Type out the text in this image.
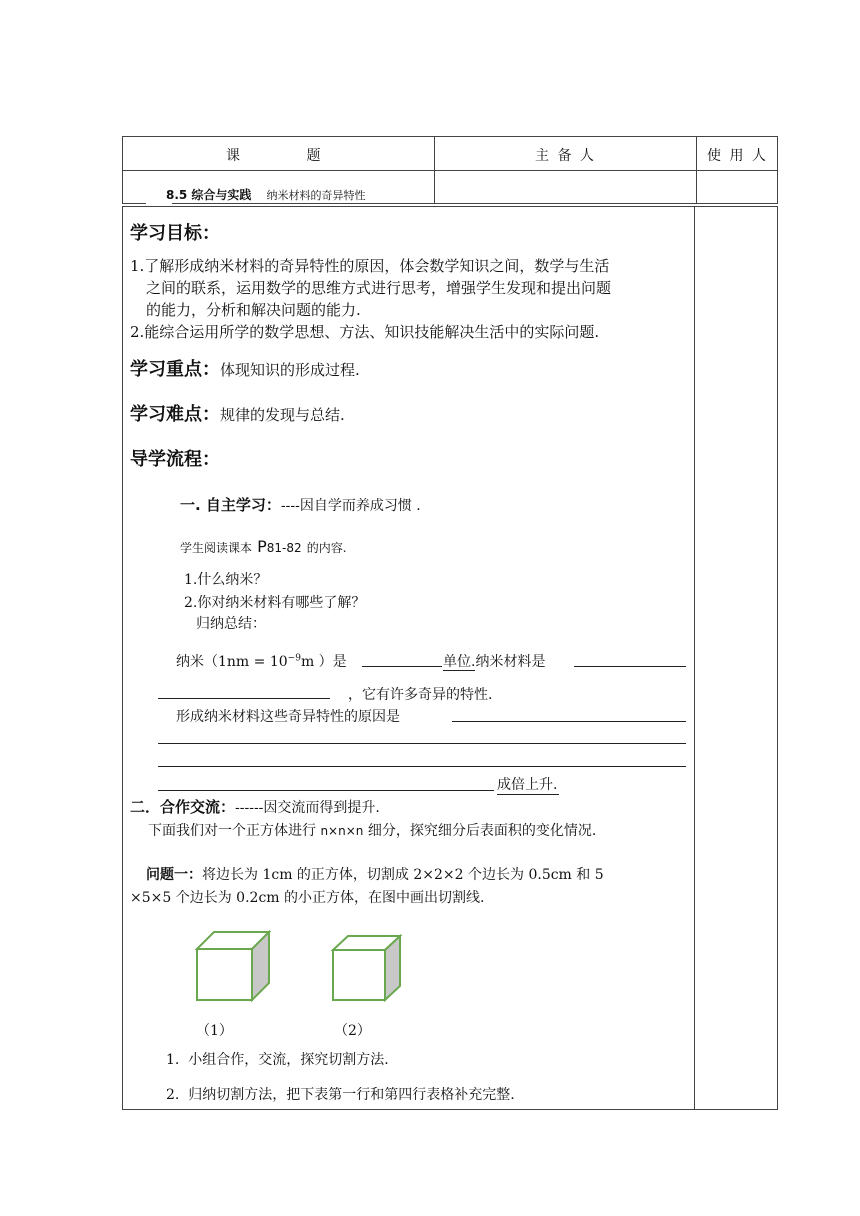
课          题	主 备 人	使 用 人
8.5 综合与实践 纳米材料的奇异特性
学习目标：
1.了解形成纳米材料的奇异特性的原因，体会数学知识之间，数学与生活
之间的联系，运用数学的思维方式进行思考，增强学生发现和提出问题
的能力，分析和解决问题的能力.
2.能综合运用所学的数学思想、方法、知识技能解决生活中的实际问题.
学习重点：体现知识的形成过程.
学习难点：规律的发现与总结.
导学流程：
一. 自主学习：----因自学而养成习惯 .
学生阅读课本 P81-82 的内容.
1.什么纳米？
2.你对纳米材料有哪些了解？
归纳总结：
纳米（$1nm = 10^{-9}m$ ）是	单位.纳米材料是
，它有许多奇异的特性.
形成纳米材料这些奇异特性的原因是
成倍上升.
二．合作交流：------因交流而得到提升.
下面我们对一个正方体进行 n×n×n 细分，探究细分后表面积的变化情况.
问题一：将边长为 1cm 的正方体，切割成 2×2×2 个边长为 0.5cm 和 5
×5×5 个边长为 0.2cm 的小正方体，在图中画出切割线.
（1）	（2）
1.  小组合作，交流，探究切割方法.
2.  归纳切割方法，把下表第一行和第四行表格补充完整.
